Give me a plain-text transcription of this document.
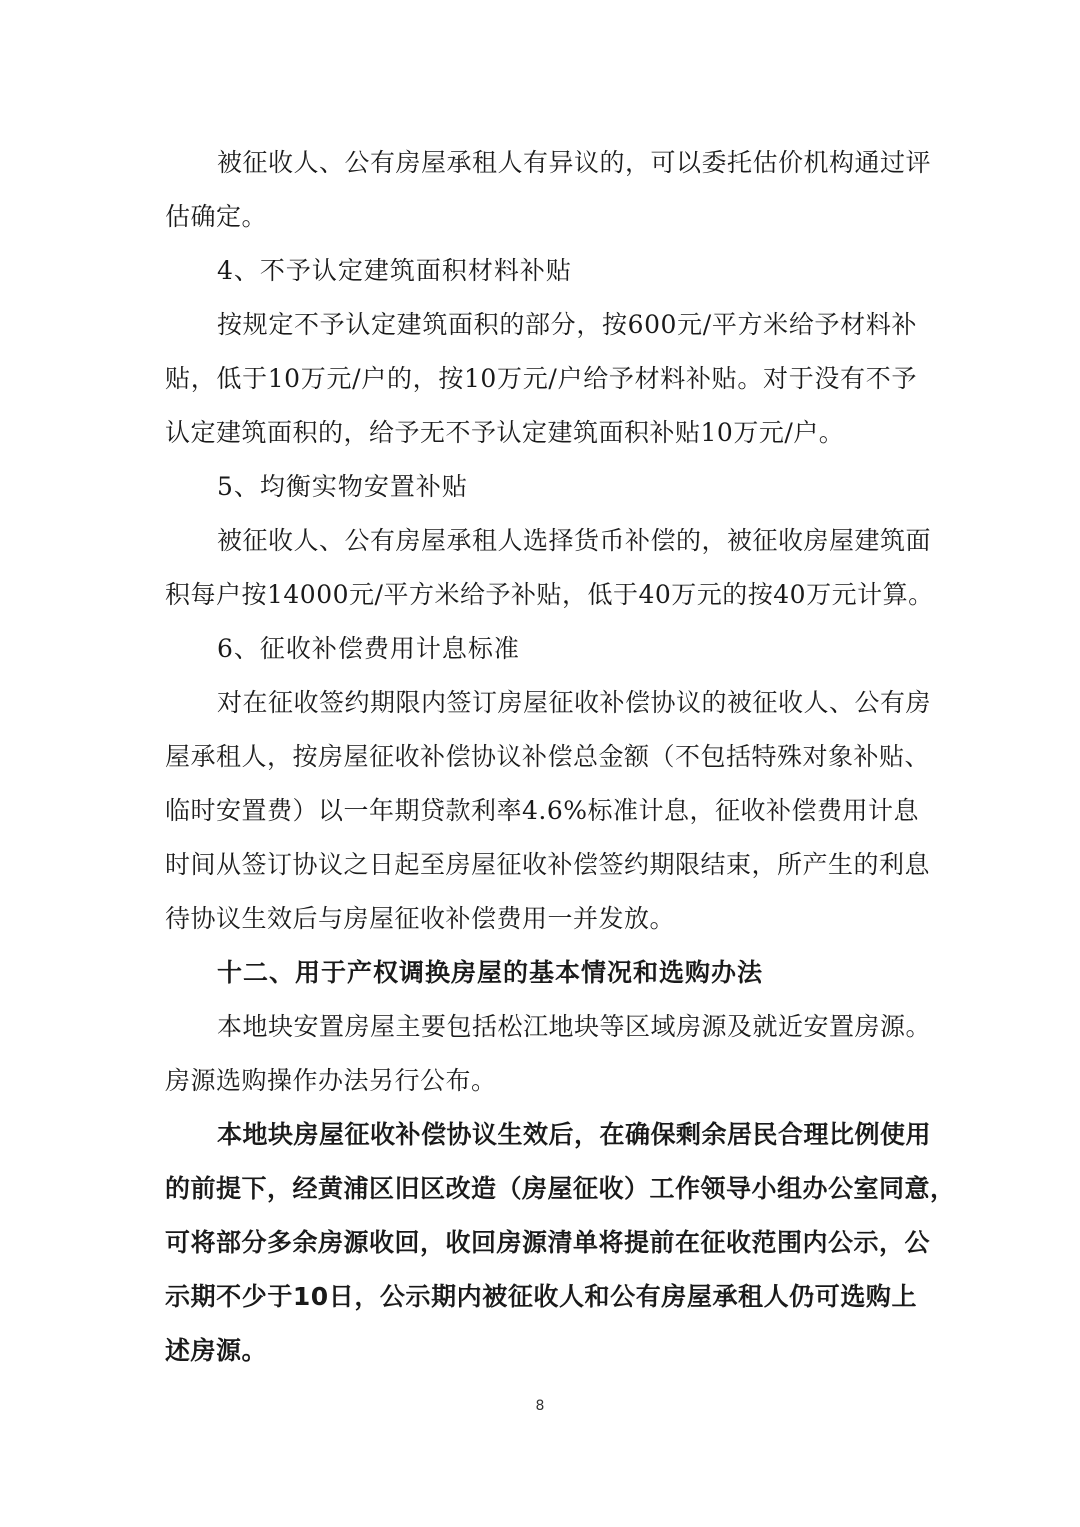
被征收人、公有房屋承租人有异议的，可以委托估价机构通过评
估确定。
4、不予认定建筑面积材料补贴
按规定不予认定建筑面积的部分，按600元/平方米给予材料补
贴，低于10万元/户的，按10万元/户给予材料补贴。对于没有不予
认定建筑面积的，给予无不予认定建筑面积补贴10万元/户。
5、均衡实物安置补贴
被征收人、公有房屋承租人选择货币补偿的，被征收房屋建筑面
积每户按14000元/平方米给予补贴，低于40万元的按40万元计算。
6、征收补偿费用计息标准
对在征收签约期限内签订房屋征收补偿协议的被征收人、公有房
屋承租人，按房屋征收补偿协议补偿总金额（不包括特殊对象补贴、
临时安置费）以一年期贷款利率4.6%标准计息，征收补偿费用计息
时间从签订协议之日起至房屋征收补偿签约期限结束，所产生的利息
待协议生效后与房屋征收补偿费用一并发放。
十二、用于产权调换房屋的基本情况和选购办法
本地块安置房屋主要包括松江地块等区域房源及就近安置房源。
房源选购操作办法另行公布。
本地块房屋征收补偿协议生效后，在确保剩余居民合理比例使用
的前提下，经黄浦区旧区改造（房屋征收）工作领导小组办公室同意，
可将部分多余房源收回，收回房源清单将提前在征收范围内公示，公
示期不少于10日，公示期内被征收人和公有房屋承租人仍可选购上
述房源。
8
